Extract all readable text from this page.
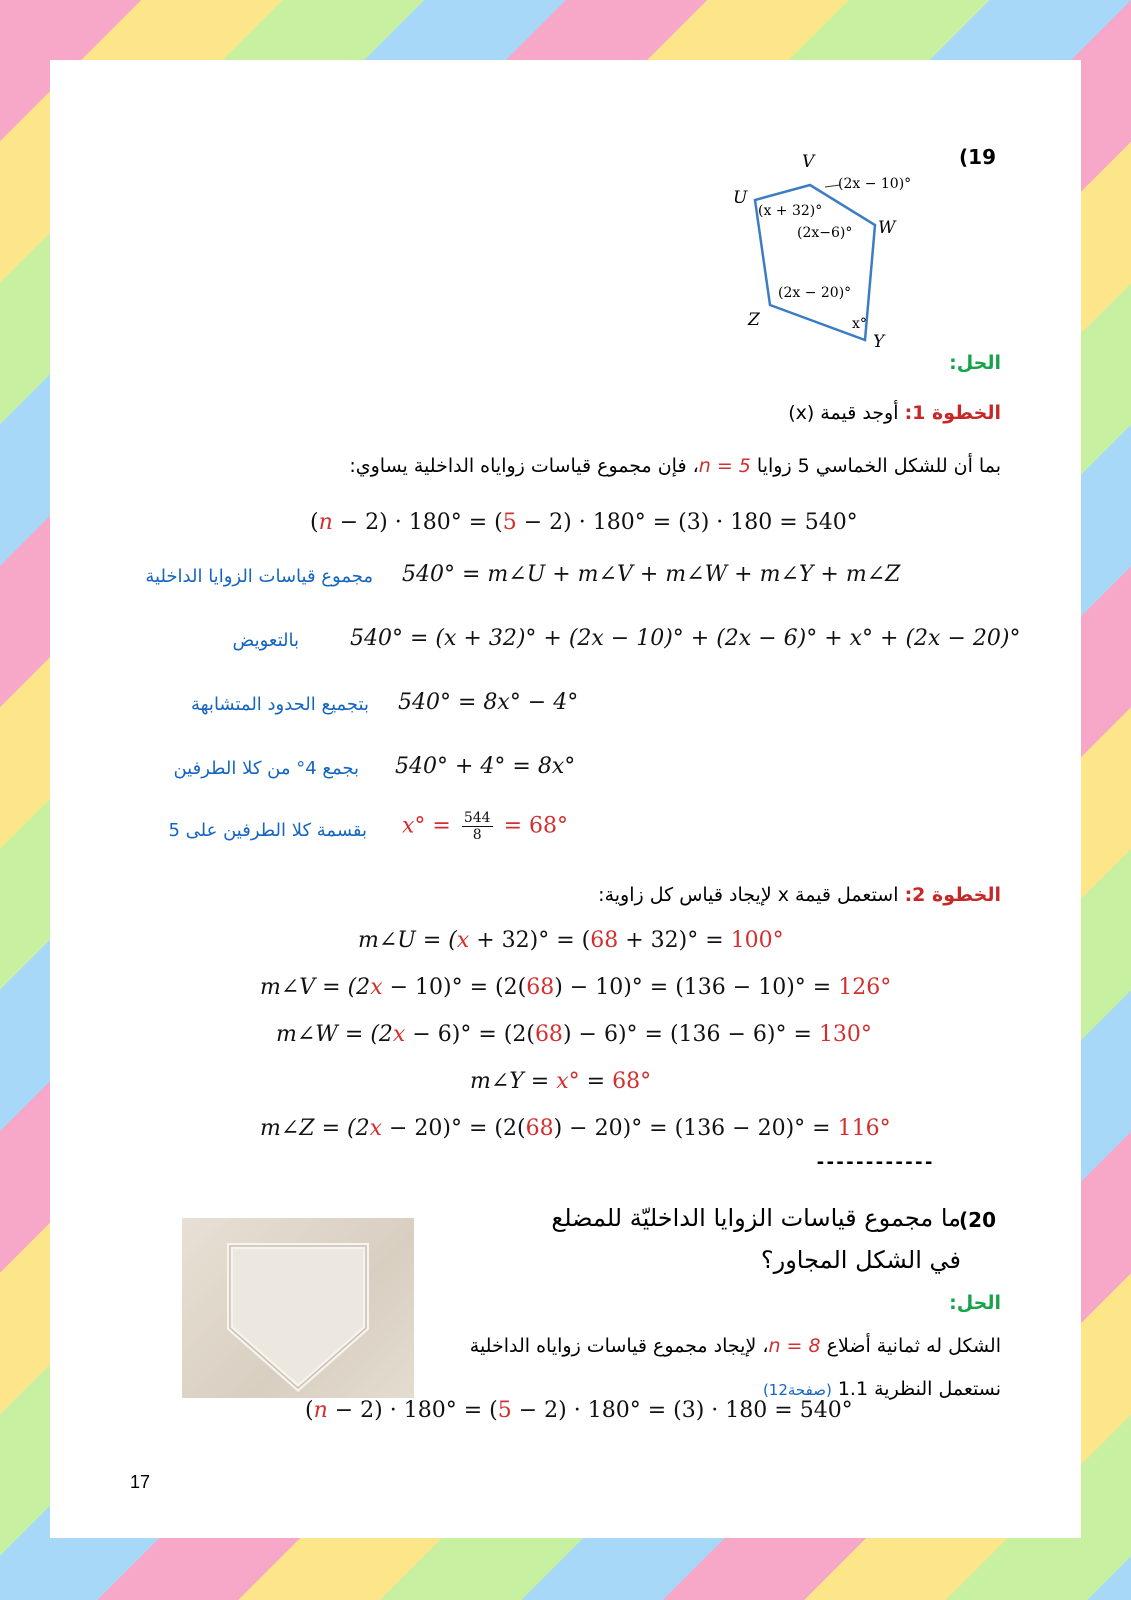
19)
V
U
W
Y
Z
(2x − 10)°
(x + 32)°
(2x−6)°
(2x − 20)°
x°
الحل:
الخطوة 1: أوجد قيمة (x)
بما أن للشكل الخماسي 5 زوايا n = 5، فإن مجموع قياسات زواياه الداخلية يساوي:
(n − 2) · 180° = (5 − 2) · 180° = (3) · 180 = 540°
540° = m∠U + m∠V + m∠W + m∠Y + m∠Z
مجموع قياسات الزوايا الداخلية
540° = (x + 32)° + (2x − 10)° + (2x − 6)° + x° + (2x − 20)°
بالتعويض
540° = 8x° − 4°
بتجميع الحدود المتشابهة
540° + 4° = 8x°
بجمع 4° من كلا الطرفين
$x^\circ = \frac{544}{8} = 68^\circ$
بقسمة كلا الطرفين على 5
الخطوة 2: استعمل قيمة x لإيجاد قياس كل زاوية:
m∠U = (x + 32)° = (68 + 32)° = 100°
m∠V = (2x − 10)° = (2(68) − 10)° = (136 − 10)° = 126°
m∠W = (2x − 6)° = (2(68) − 6)° = (136 − 6)° = 130°
m∠Y = x° = 68°
m∠Z = (2x − 20)° = (2(68) − 20)° = (136 − 20)° = 116°
------------
20)
ما مجموع قياسات الزوايا الداخليّة للمضلع
في الشكل المجاور؟
الحل:
الشكل له ثمانية أضلاع n = 8، لإيجاد مجموع قياسات زواياه الداخلية
نستعمل النظرية 1.1 (صفحة12)
(n − 2) · 180° = (5 − 2) · 180° = (3) · 180 = 540°
17
